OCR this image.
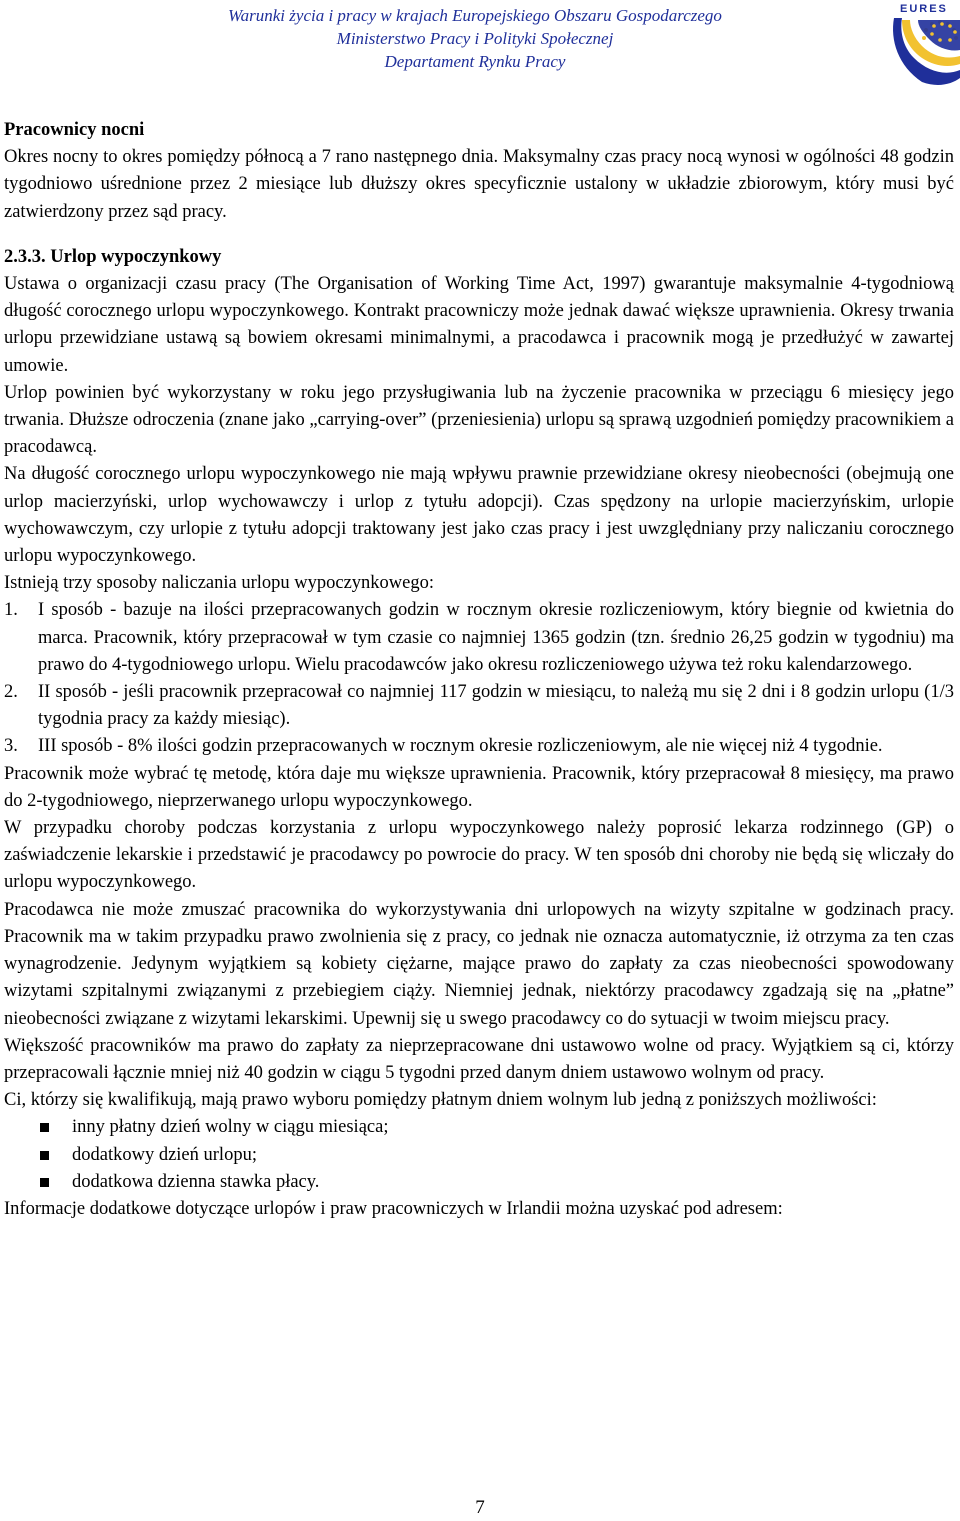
Warunki życia i pracy w krajach Europejskiego Obszaru Gospodarczego
Ministerstwo Pracy i Polityki Społecznej
Departament Rynku Pracy
EURES

Pracownicy nocni

Okres nocny to okres pomiędzy północą a 7 rano następnego dnia. Maksymalny czas pracy nocą wynosi w ogólności 48 godzin tygodniowo uśrednione przez 2 miesiące lub dłuższy okres specyficznie ustalony w układzie zbiorowym, który musi być zatwierdzony przez sąd pracy.

2.3.3. Urlop wypoczynkowy

Ustawa o organizacji czasu pracy (The Organisation of Working Time Act, 1997) gwarantuje maksymalnie 4-tygodniową długość corocznego urlopu wypoczynkowego. Kontrakt pracowniczy może jednak dawać większe uprawnienia. Okresy trwania urlopu przewidziane ustawą są bowiem okresami minimalnymi, a pracodawca i pracownik mogą je przedłużyć w zawartej umowie.

Urlop powinien być wykorzystany w roku jego przysługiwania lub na życzenie pracownika w przeciągu 6 miesięcy jego trwania. Dłuższe odroczenia (znane jako „carrying-over” (przeniesienia) urlopu są sprawą uzgodnień pomiędzy pracownikiem a pracodawcą.

Na długość corocznego urlopu wypoczynkowego nie mają wpływu prawnie przewidziane okresy nieobecności (obejmują one urlop macierzyński, urlop wychowawczy i urlop z tytułu adopcji). Czas spędzony na urlopie macierzyńskim, urlopie wychowawczym, czy urlopie z tytułu adopcji traktowany jest jako czas pracy i jest uwzględniany przy naliczaniu corocznego urlopu wypoczynkowego.

Istnieją trzy sposoby naliczania urlopu wypoczynkowego:

1. I sposób - bazuje na ilości przepracowanych godzin w rocznym okresie rozliczeniowym, który biegnie od kwietnia do marca. Pracownik, który przepracował w tym czasie co najmniej 1365 godzin (tzn. średnio 26,25 godzin w tygodniu) ma prawo do 4-tygodniowego urlopu. Wielu pracodawców jako okresu rozliczeniowego używa też roku kalendarzowego.
2. II sposób - jeśli pracownik przepracował co najmniej 117 godzin w miesiącu, to należą mu się 2 dni i 8 godzin urlopu (1/3 tygodnia pracy za każdy miesiąc).
3. III sposób - 8% ilości godzin przepracowanych w rocznym okresie rozliczeniowym, ale nie więcej niż 4 tygodnie.

Pracownik może wybrać tę metodę, która daje mu większe uprawnienia. Pracownik, który przepracował 8 miesięcy, ma prawo do 2-tygodniowego, nieprzerwanego urlopu wypoczynkowego.

W przypadku choroby podczas korzystania z urlopu wypoczynkowego należy poprosić lekarza rodzinnego (GP) o zaświadczenie lekarskie i przedstawić je pracodawcy po powrocie do pracy. W ten sposób dni choroby nie będą się wliczały do urlopu wypoczynkowego.

Pracodawca nie może zmuszać pracownika do wykorzystywania dni urlopowych na wizyty szpitalne w godzinach pracy. Pracownik ma w takim przypadku prawo zwolnienia się z pracy, co jednak nie oznacza automatycznie, iż otrzyma za ten czas wynagrodzenie. Jedynym wyjątkiem są kobiety ciężarne, mające prawo do zapłaty za czas nieobecności spowodowany wizytami szpitalnymi związanymi z przebiegiem ciąży. Niemniej jednak, niektórzy pracodawcy zgadzają się na „płatne” nieobecności związane z wizytami lekarskimi. Upewnij się u swego pracodawcy co do sytuacji w twoim miejscu pracy.

Większość pracowników ma prawo do zapłaty za nieprzepracowane dni ustawowo wolne od pracy. Wyjątkiem są ci, którzy przepracowali łącznie mniej niż 40 godzin w ciągu 5 tygodni przed danym dniem ustawowo wolnym od pracy.

Ci, którzy się kwalifikują, mają prawo wyboru pomiędzy płatnym dniem wolnym lub jedną z poniższych możliwości:

inny płatny dzień wolny w ciągu miesiąca;
dodatkowy dzień urlopu;
dodatkowa dzienna stawka płacy.

Informacje dodatkowe dotyczące urlopów i praw pracowniczych w Irlandii można uzyskać pod adresem:

7
